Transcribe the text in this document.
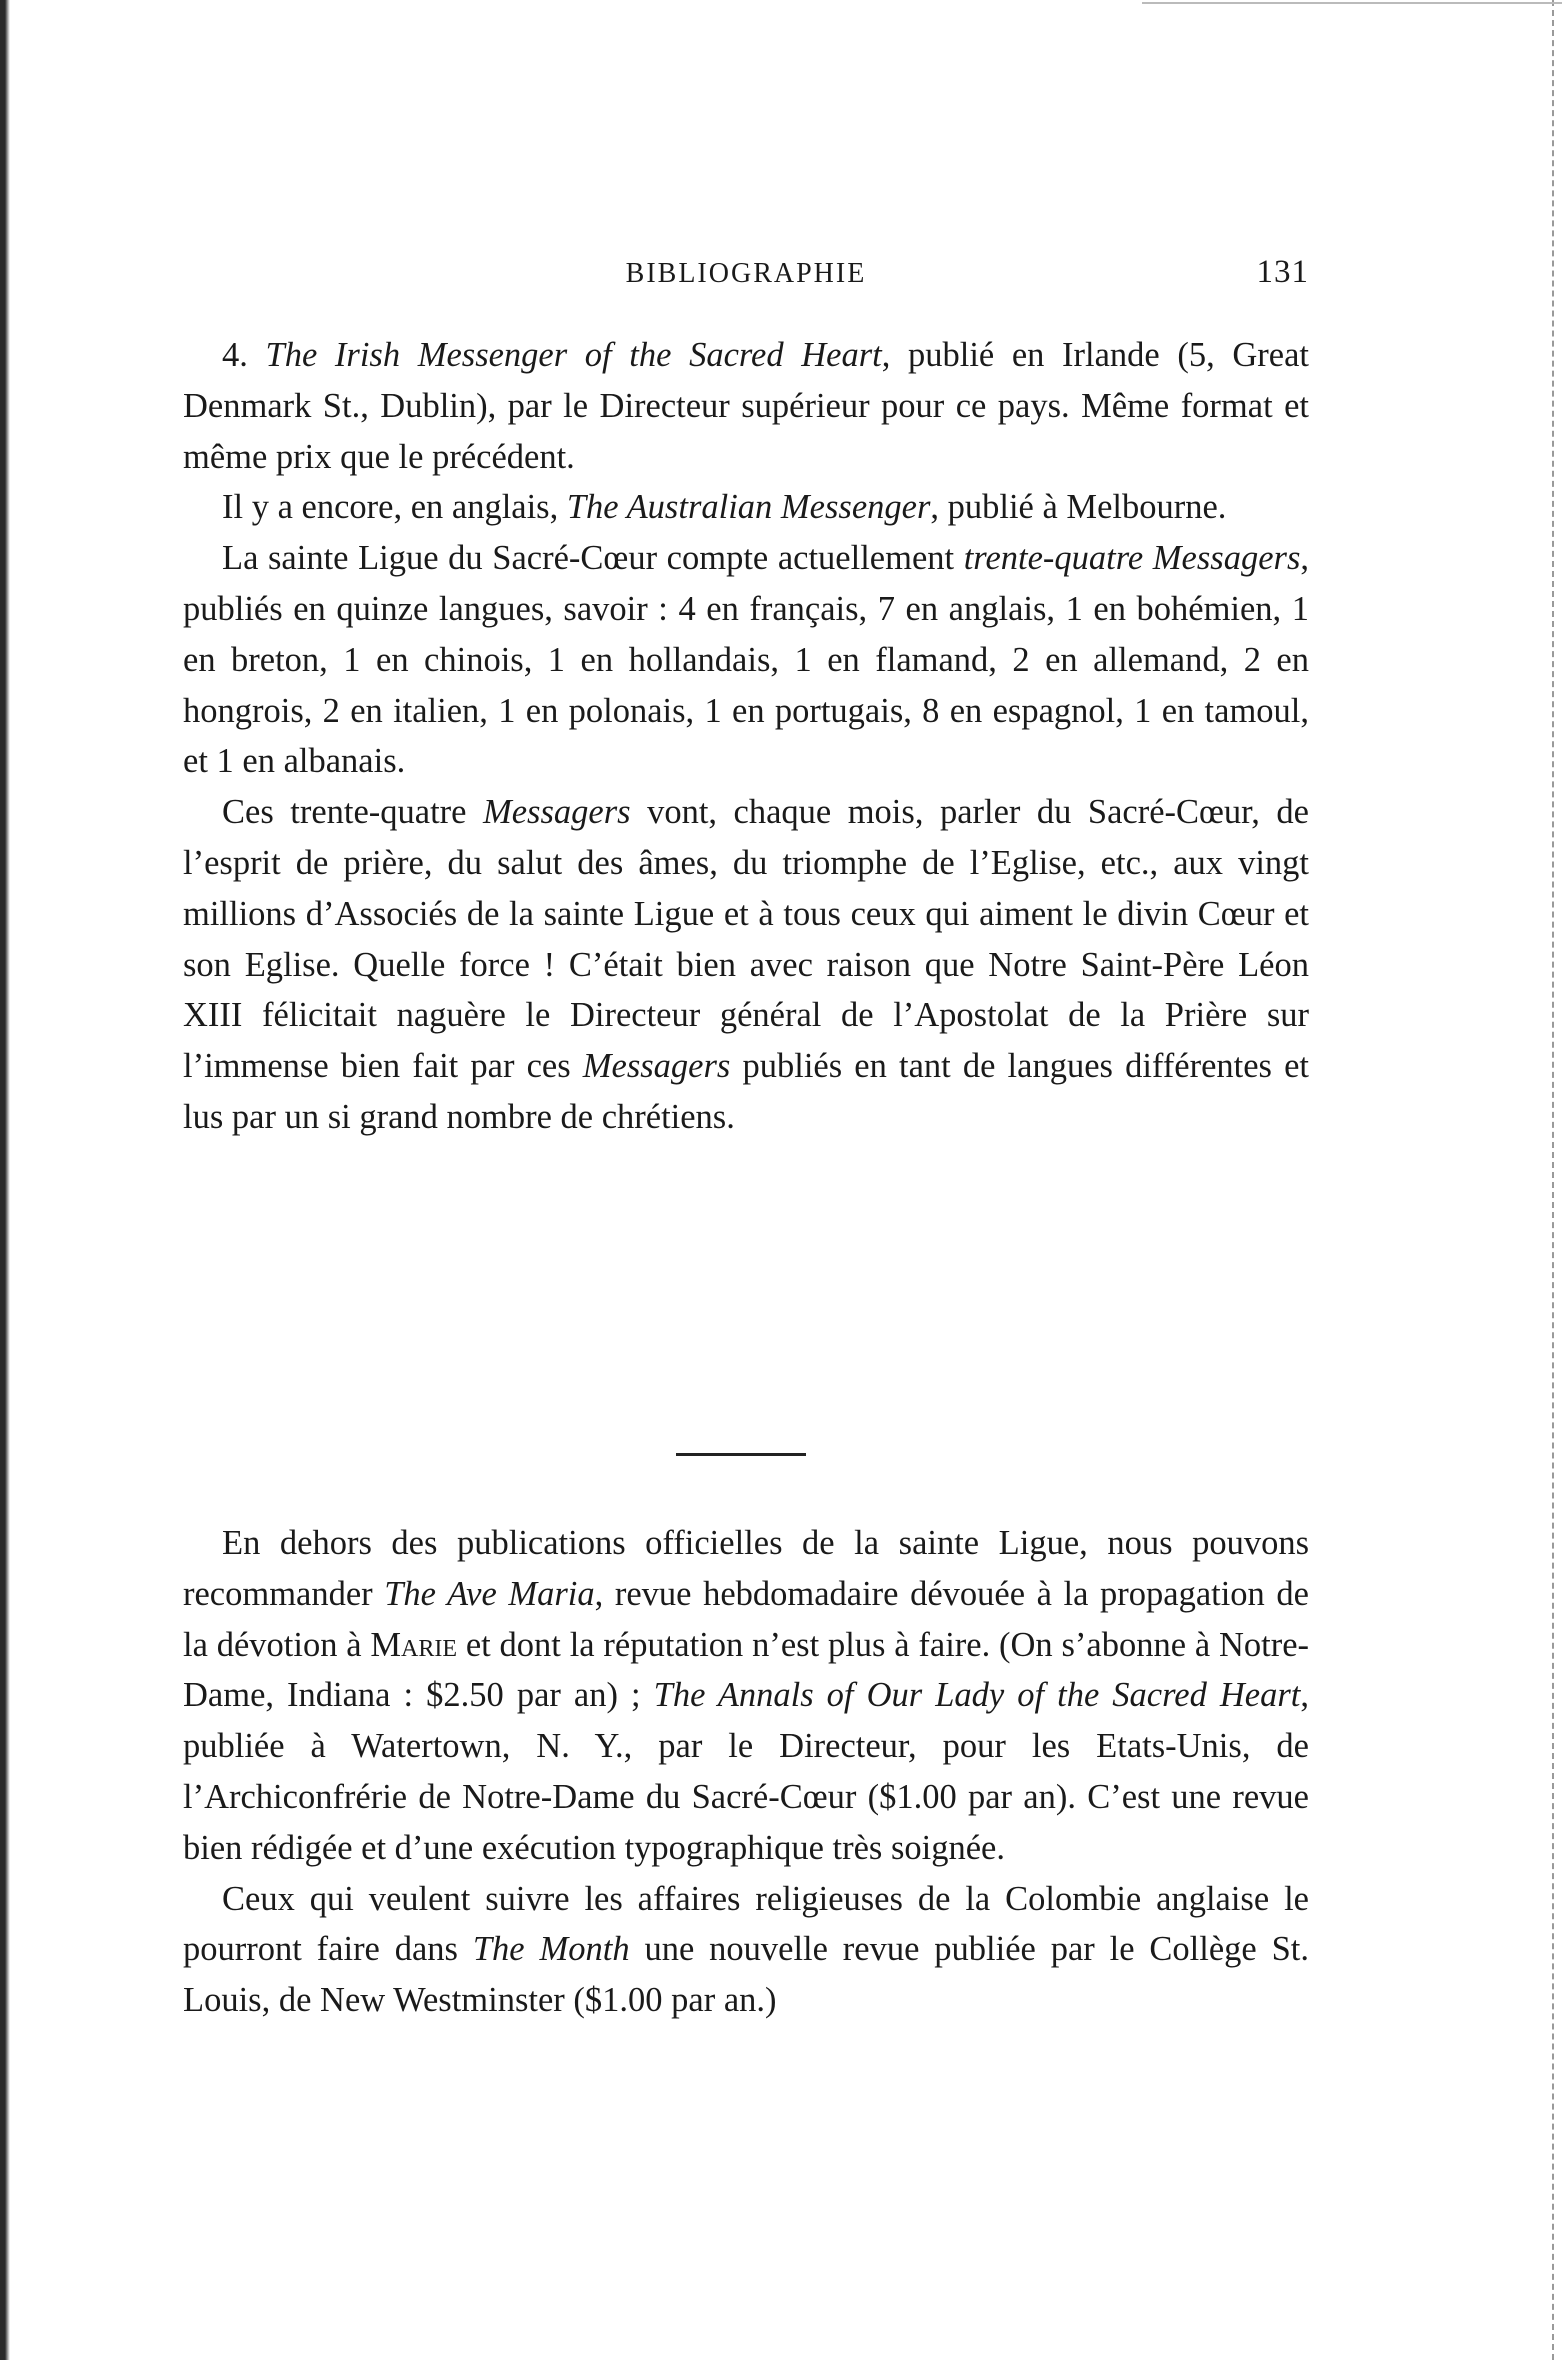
BIBLIOGRAPHIE	131

4. The Irish Messenger of the Sacred Heart, publié en Irlande (5, Great Denmark St., Dublin), par le Directeur supérieur pour ce pays. Même format et même prix que le précédent.

Il y a encore, en anglais, The Australian Messenger, publié à Melbourne.

La sainte Ligue du Sacré-Cœur compte actuellement trente-quatre Messagers, publiés en quinze langues, savoir : 4 en français, 7 en anglais, 1 en bohémien, 1 en breton, 1 en chinois, 1 en hollandais, 1 en flamand, 2 en allemand, 2 en hongrois, 2 en italien, 1 en polonais, 1 en portugais, 8 en espagnol, 1 en tamoul, et 1 en albanais.

Ces trente-quatre Messagers vont, chaque mois, parler du Sacré-Cœur, de l’esprit de prière, du salut des âmes, du triomphe de l’Eglise, etc., aux vingt millions d’Associés de la sainte Ligue et à tous ceux qui aiment le divin Cœur et son Eglise. Quelle force ! C’était bien avec raison que Notre Saint-Père Léon XIII félicitait naguère le Directeur général de l’Apostolat de la Prière sur l’immense bien fait par ces Messagers publiés en tant de langues différentes et lus par un si grand nombre de chrétiens.

En dehors des publications officielles de la sainte Ligue, nous pouvons recommander The Ave Maria, revue hebdomadaire dévouée à la propagation de la dévotion à Marie et dont la réputation n’est plus à faire. (On s’abonne à Notre-Dame, Indiana : $2.50 par an) ; The Annals of Our Lady of the Sacred Heart, publiée à Watertown, N. Y., par le Directeur, pour les Etats-Unis, de l’Archiconfrérie de Notre-Dame du Sacré-Cœur ($1.00 par an). C’est une revue bien rédigée et d’une exécution typographique très soignée.

Ceux qui veulent suivre les affaires religieuses de la Colombie anglaise le pourront faire dans The Month une nouvelle revue publiée par le Collège St. Louis, de New Westminster ($1.00 par an.)
